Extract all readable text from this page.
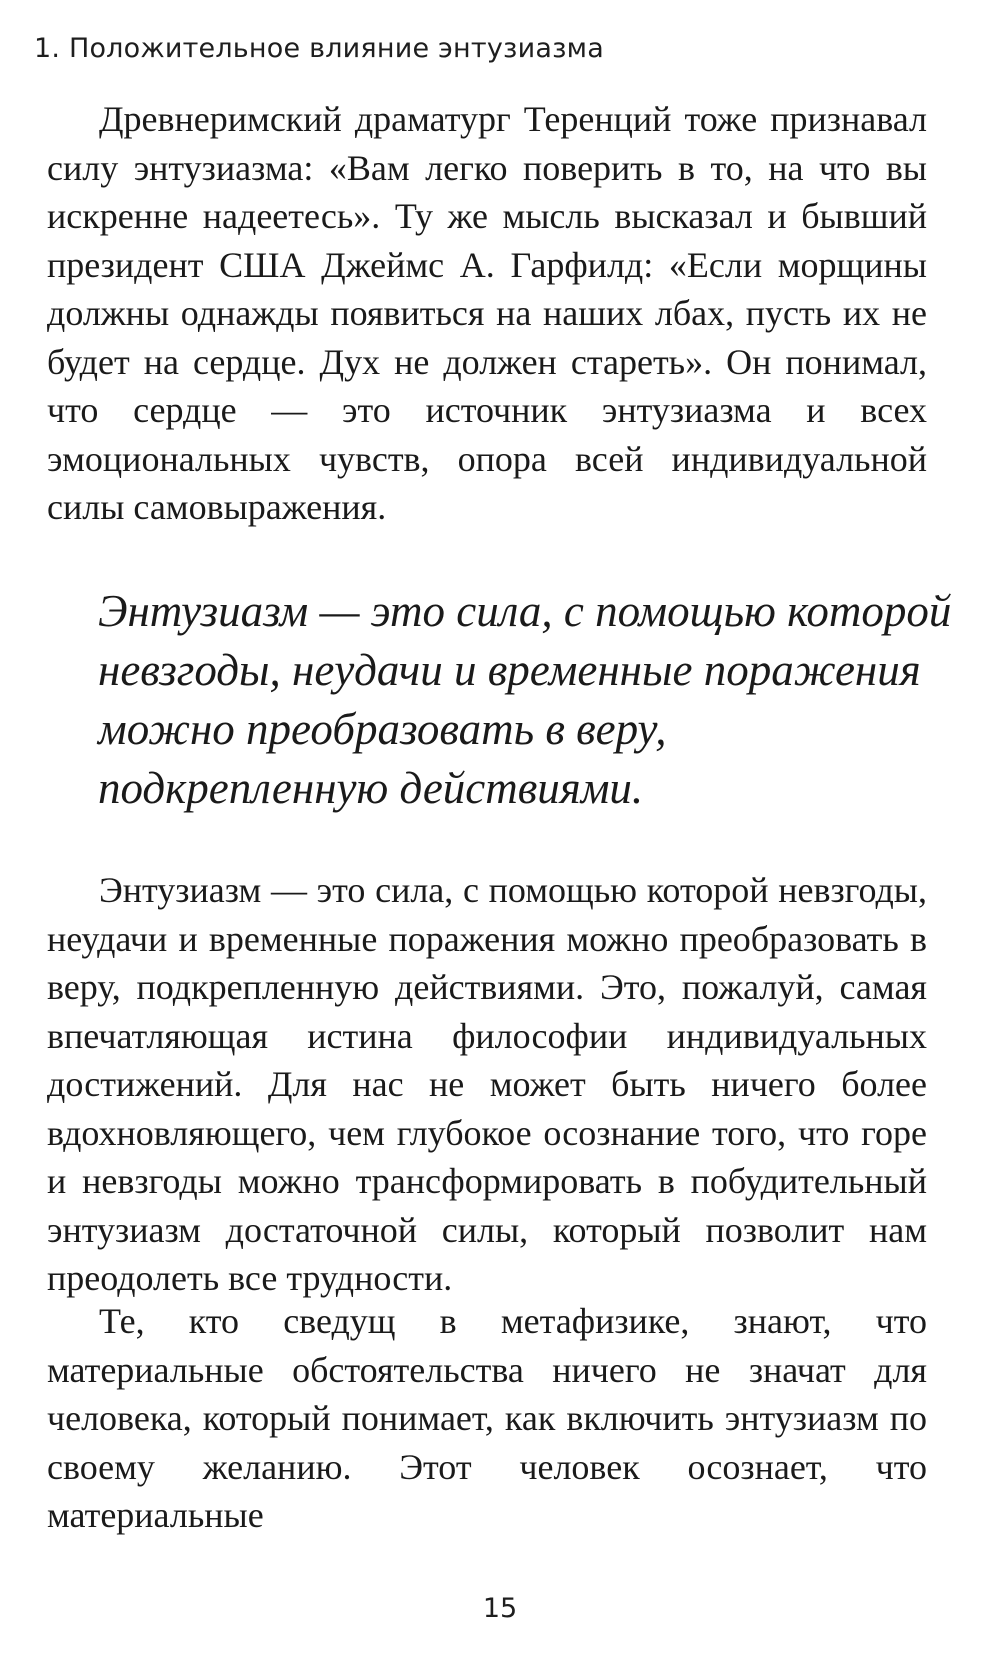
1. Положительное влияние энтузиазма

Древнеримский драматург Теренций тоже признавал силу энтузиазма: «Вам легко поверить в то, на что вы искренне надеетесь». Ту же мысль высказал и бывший президент США Джеймс А. Гарфилд: «Если морщины должны однажды появиться на наших лбах, пусть их не будет на сердце. Дух не должен стареть». Он понимал, что сердце — это источник энтузиазма и всех эмоциональных чувств, опора всей индивидуальной силы самовыражения.

Энтузиазм — это сила, с помощью которой невзгоды, неудачи и временные поражения можно преобразовать в веру, подкрепленную действиями.

Энтузиазм — это сила, с помощью которой невзгоды, неудачи и временные поражения можно преобразовать в веру, подкрепленную действиями. Это, пожалуй, самая впечатляющая истина философии индивидуальных достижений. Для нас не может быть ничего более вдохновляющего, чем глубокое осознание того, что горе и невзгоды можно трансформировать в побудительный энтузиазм достаточной силы, который позволит нам преодолеть все трудности.

Те, кто сведущ в метафизике, знают, что материальные обстоятельства ничего не значат для человека, который понимает, как включить энтузиазм по своему желанию. Этот человек осознает, что материальные

15
